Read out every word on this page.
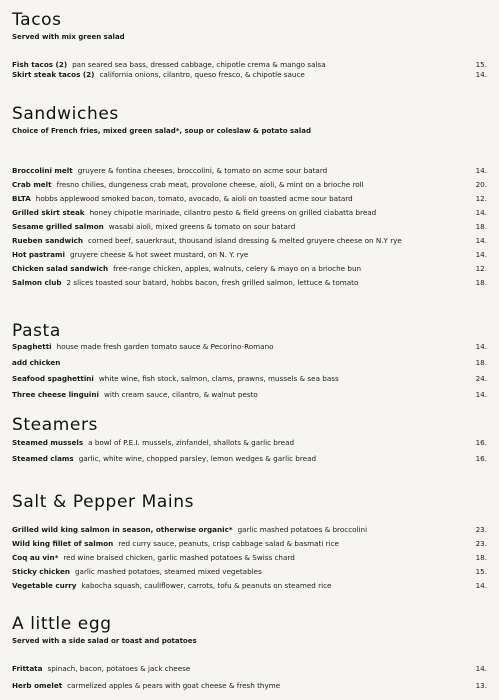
Tacos
Served with mix green salad
Fish tacos (2) pan seared sea bass, dressed cabbage, chipotle crema & mango salsa	15.
Skirt steak tacos (2) california onions, cilantro, queso fresco, & chipotle sauce	14.
Sandwiches
Choice of French fries, mixed green salad*, soup or coleslaw & potato salad
Broccolini melt gruyere & fontina cheeses, broccolini, & tomato on acme sour batard	14.
Crab melt fresno chilies, dungeness crab meat, provolone cheese, aioli, & mint on a brioche roll	20.
BLTA hobbs applewood smoked bacon, tomato, avocado, & aioli on toasted acme sour batard	12.
Grilled skirt steak honey chipotle marinade, cilantro pesto & field greens on grilled ciabatta bread	14.
Sesame grilled salmon wasabi aioli, mixed greens & tomato on sour batard	18.
Rueben sandwich corned beef, sauerkraut, thousand island dressing & melted gruyere cheese on N.Y rye	14.
Hot pastrami gruyere cheese & hot sweet mustard, on N. Y. rye	14.
Chicken salad sandwich free-range chicken, apples, walnuts, celery & mayo on a brioche bun	12.
Salmon club 2 slices toasted sour batard, hobbs bacon, fresh grilled salmon, lettuce & tomato	18.
Pasta
Spaghetti house made fresh garden tomato sauce & Pecorino-Romano	14.
add chicken	18.
Seafood spaghettini white wine, fish stock, salmon, clams, prawns, mussels & sea bass	24.
Three cheese linguini with cream sauce, cilantro, & walnut pesto	14.
Steamers
Steamed mussels a bowl of P.E.I. mussels, zinfandel, shallots & garlic bread	16.
Steamed clams garlic, white wine, chopped parsley, lemon wedges & garlic bread	16.
Salt & Pepper Mains
Grilled wild king salmon in season, otherwise organic* garlic mashed potatoes & broccolini	23.
Wild king fillet of salmon red curry sauce, peanuts, crisp cabbage salad & basmati rice	23.
Coq au vin* red wine braised chicken, garlic mashed potatoes & Swiss chard	18.
Sticky chicken garlic mashed potatoes, steamed mixed vegetables	15.
Vegetable curry kabocha squash, cauliflower, carrots, tofu & peanuts on steamed rice	14.
A little egg
Served with a side salad or toast and potatoes
Frittata spinach, bacon, potatoes & jack cheese	14.
Herb omelet carmelized apples & pears with goat cheese & fresh thyme	13.
